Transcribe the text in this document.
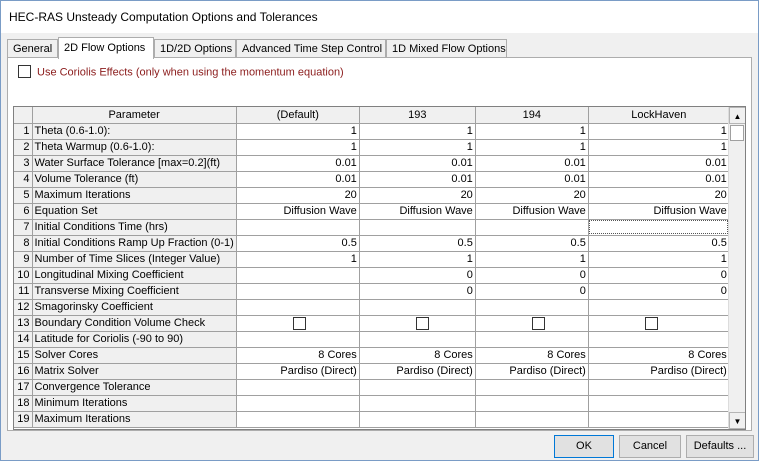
HEC-RAS Unsteady Computation Options and Tolerances
General	2D Flow Options	1D/2D Options Advanced Time Step Control 1D Mixed Flow Options
Use Coriolis Effects (only when using the momentum equation)
	Parameter	(Default)	193	194	LockHaven
1	Theta (0.6-1.0):	1	1	1	1
2	Theta Warmup (0.6-1.0):	1	1	1	1
3	Water Surface Tolerance [max=0.2](ft)	0.01	0.01	0.01	0.01
4	Volume Tolerance (ft)	0.01	0.01	0.01	0.01
5	Maximum Iterations	20	20	20	20
6	Equation Set	Diffusion Wave	Diffusion Wave	Diffusion Wave	Diffusion Wave
7	Initial Conditions Time (hrs)				
8	Initial Conditions Ramp Up Fraction (0-1)	0.5	0.5	0.5	0.5
9	Number of Time Slices (Integer Value)	1	1	1	1
10	Longitudinal Mixing Coefficient		0	0	0
11	Transverse Mixing Coefficient		0	0	0
12	Smagorinsky Coefficient				
13	Boundary Condition Volume Check				
14	Latitude for Coriolis (-90 to 90)				
15	Solver Cores	8 Cores	8 Cores	8 Cores	8 Cores
16	Matrix Solver	Pardiso (Direct)	Pardiso (Direct)	Pardiso (Direct)	Pardiso (Direct)
17	Convergence Tolerance				
18	Minimum Iterations				
19	Maximum Iterations				
▲
▼
OK	Cancel	Defaults ...
